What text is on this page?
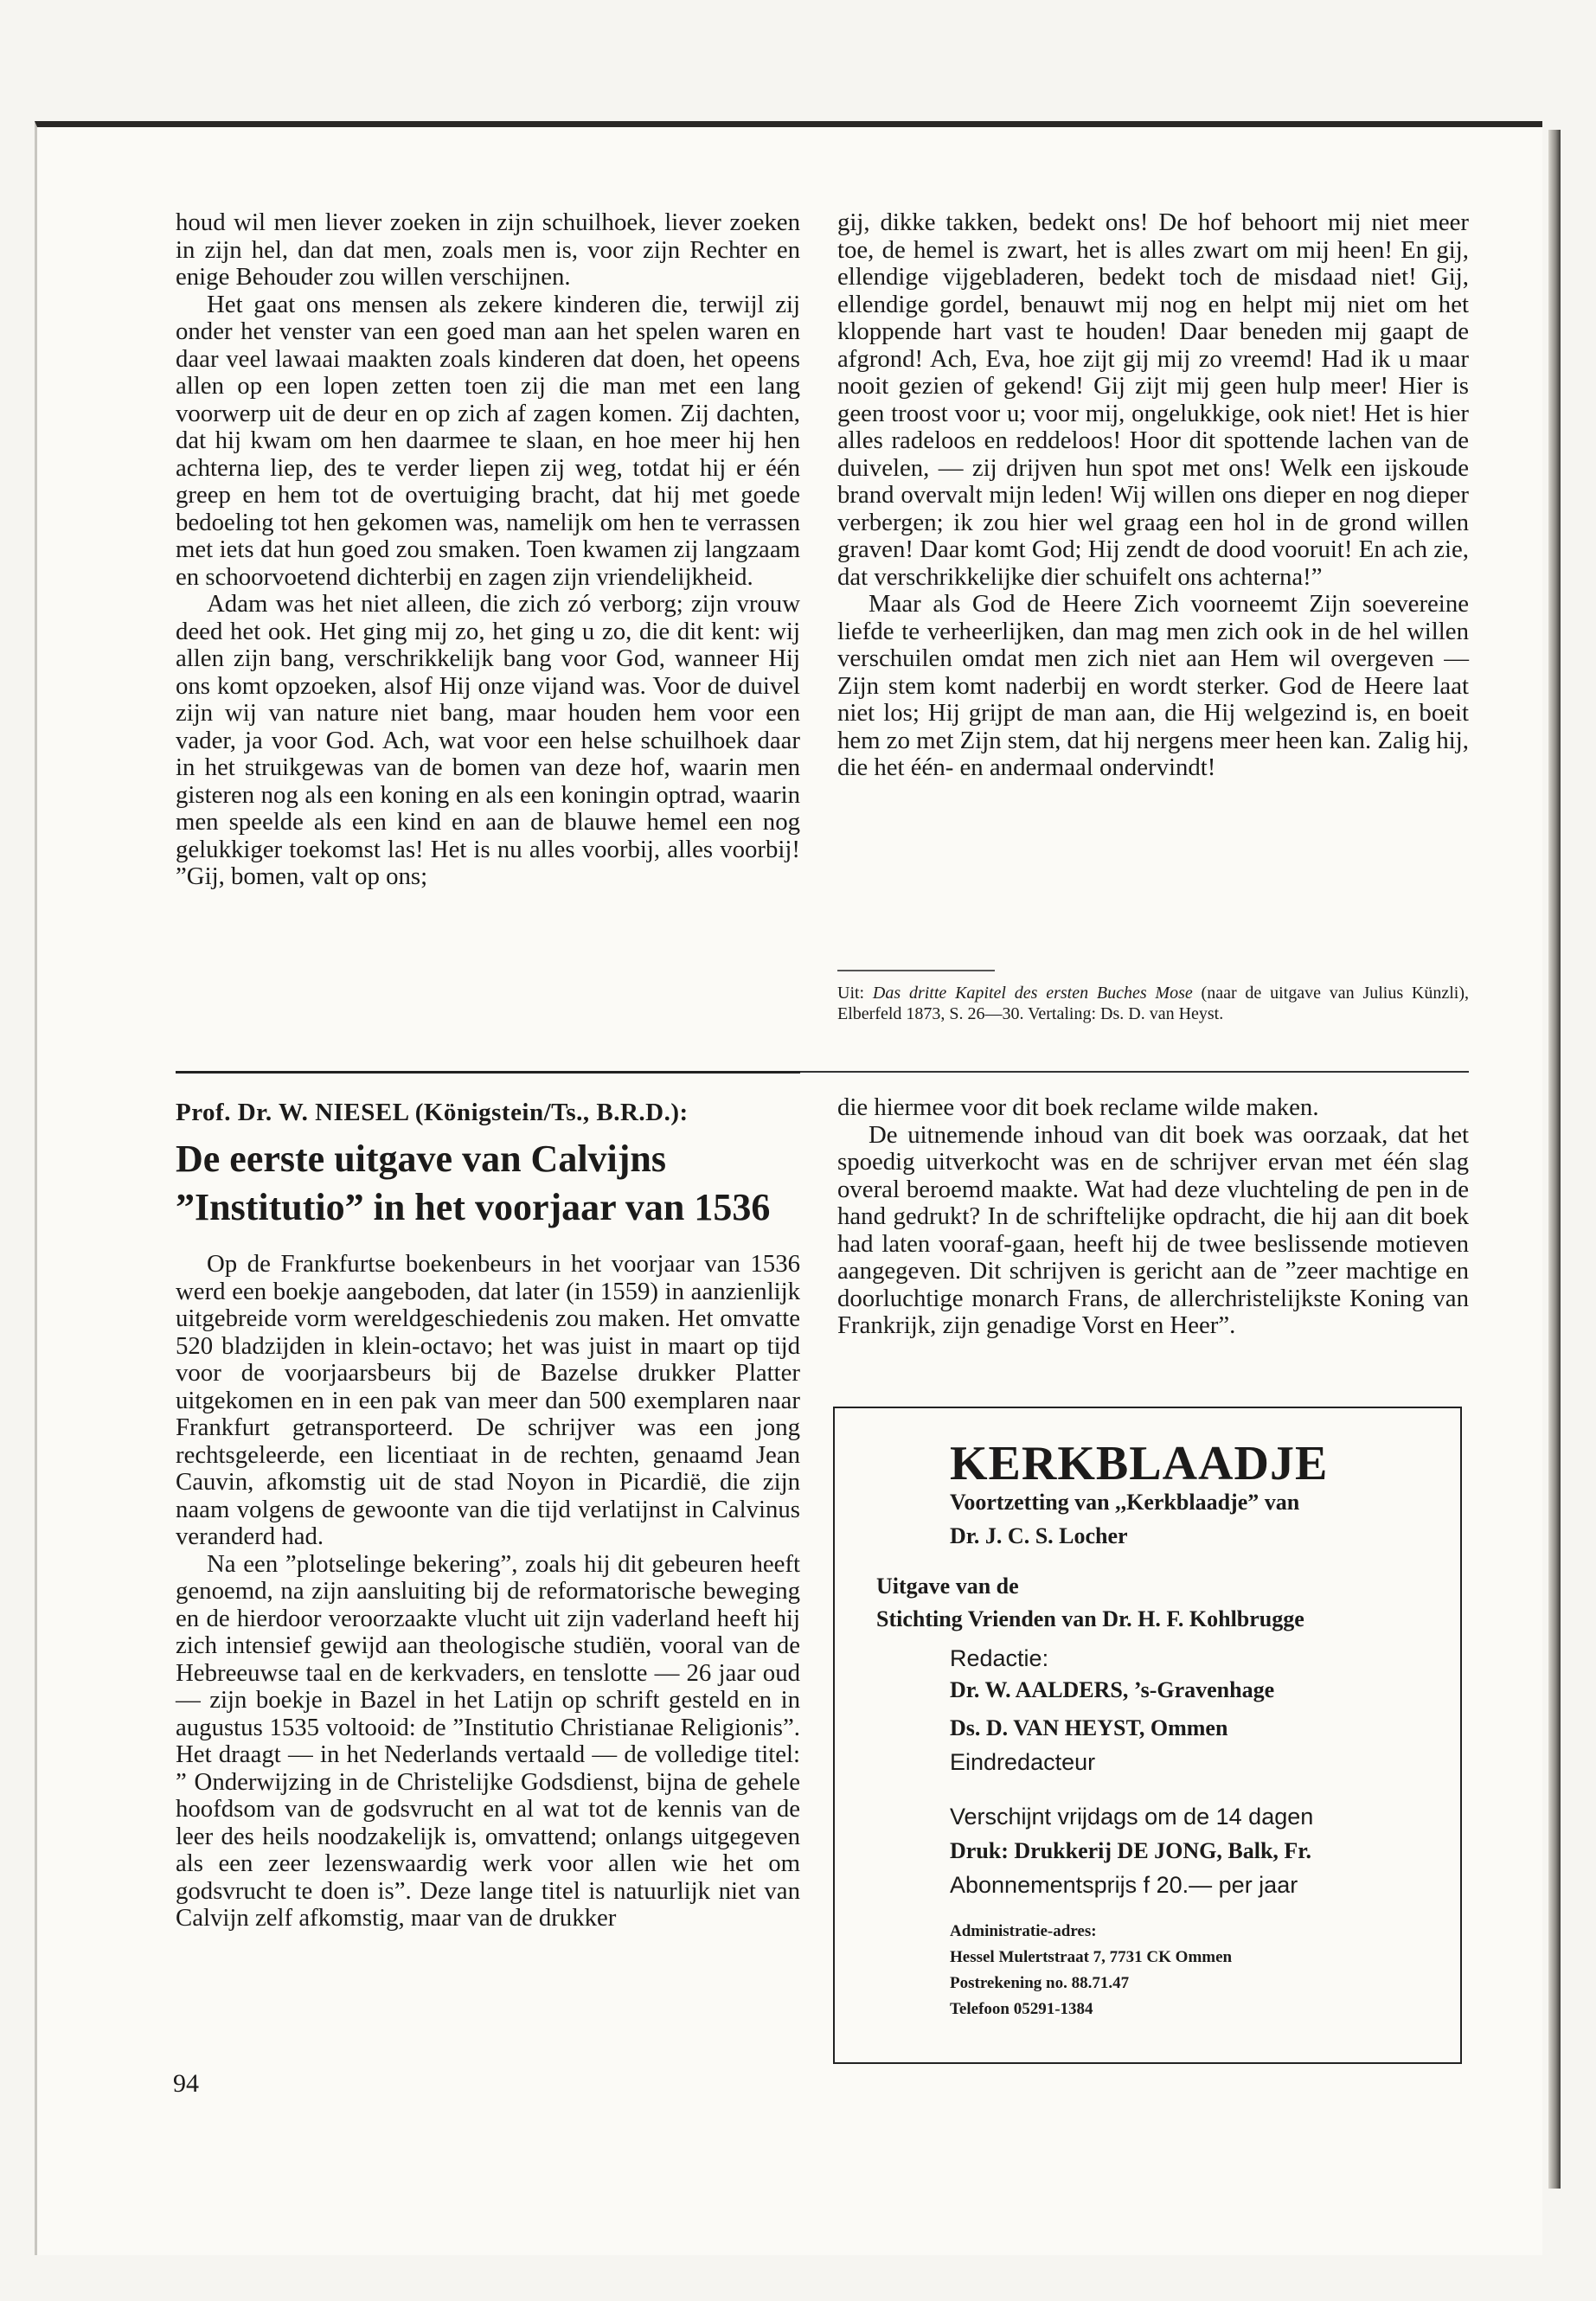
houd wil men liever zoeken in zijn schuilhoek, liever zoeken in zijn hel, dan dat men, zoals men is, voor zijn Rechter en enige Behouder zou willen verschijnen.

Het gaat ons mensen als zekere kinderen die, terwijl zij onder het venster van een goed man aan het spelen waren en daar veel lawaai maakten zoals kinderen dat doen, het opeens allen op een lopen zetten toen zij die man met een lang voorwerp uit de deur en op zich af zagen komen. Zij dachten, dat hij kwam om hen daarmee te slaan, en hoe meer hij hen achterna liep, des te verder liepen zij weg, totdat hij er één greep en hem tot de overtuiging bracht, dat hij met goede bedoeling tot hen gekomen was, namelijk om hen te verrassen met iets dat hun goed zou smaken. Toen kwamen zij langzaam en schoorvoetend dichterbij en zagen zijn vriendelijkheid.

Adam was het niet alleen, die zich zó verborg; zijn vrouw deed het ook. Het ging mij zo, het ging u zo, die dit kent: wij allen zijn bang, verschrikkelijk bang voor God, wanneer Hij ons komt opzoeken, alsof Hij onze vijand was. Voor de duivel zijn wij van nature niet bang, maar houden hem voor een vader, ja voor God. Ach, wat voor een helse schuilhoek daar in het struikgewas van de bomen van deze hof, waarin men gisteren nog als een koning en als een koningin optrad, waarin men speelde als een kind en aan de blauwe hemel een nog gelukkiger toekomst las! Het is nu alles voorbij, alles voorbij! ”Gij, bomen, valt op ons;

gij, dikke takken, bedekt ons! De hof behoort mij niet meer toe, de hemel is zwart, het is alles zwart om mij heen! En gij, ellendige vijgebladeren, bedekt toch de misdaad niet! Gij, ellendige gordel, benauwt mij nog en helpt mij niet om het kloppende hart vast te houden! Daar beneden mij gaapt de afgrond! Ach, Eva, hoe zijt gij mij zo vreemd! Had ik u maar nooit gezien of gekend! Gij zijt mij geen hulp meer! Hier is geen troost voor u; voor mij, ongelukkige, ook niet! Het is hier alles radeloos en reddeloos! Hoor dit spottende lachen van de duivelen, — zij drijven hun spot met ons! Welk een ijskoude brand overvalt mijn leden! Wij willen ons dieper en nog dieper verbergen; ik zou hier wel graag een hol in de grond willen graven! Daar komt God; Hij zendt de dood vooruit! En ach zie, dat verschrikkelijke dier schuifelt ons achterna!”

Maar als God de Heere Zich voorneemt Zijn soevereine liefde te verheerlijken, dan mag men zich ook in de hel willen verschuilen omdat men zich niet aan Hem wil overgeven — Zijn stem komt naderbij en wordt sterker. God de Heere laat niet los; Hij grijpt de man aan, die Hij welgezind is, en boeit hem zo met Zijn stem, dat hij nergens meer heen kan. Zalig hij, die het één- en andermaal ondervindt!

Uit: Das dritte Kapitel des ersten Buches Mose (naar de uitgave van Julius Künzli), Elberfeld 1873, S. 26—30. Vertaling: Ds. D. van Heyst.
Prof. Dr. W. NIESEL (Königstein/Ts., B.R.D.):
De eerste uitgave van Calvijns
”Institutio” in het voorjaar van 1536

Op de Frankfurtse boekenbeurs in het voorjaar van 1536 werd een boekje aangeboden, dat later (in 1559) in aanzienlijk uitgebreide vorm wereldgeschiedenis zou maken. Het omvatte 520 bladzijden in klein-octavo; het was juist in maart op tijd voor de voorjaarsbeurs bij de Bazelse drukker Platter uitgekomen en in een pak van meer dan 500 exemplaren naar Frankfurt getransporteerd. De schrijver was een jong rechtsgeleerde, een licentiaat in de rechten, genaamd Jean Cauvin, afkomstig uit de stad Noyon in Picardië, die zijn naam volgens de gewoonte van die tijd verlatijnst in Calvinus veranderd had.

Na een ”plotselinge bekering”, zoals hij dit gebeuren heeft genoemd, na zijn aansluiting bij de reformatorische beweging en de hierdoor veroorzaakte vlucht uit zijn vaderland heeft hij zich intensief gewijd aan theologische studiën, vooral van de Hebreeuwse taal en de kerkvaders, en tenslotte — 26 jaar oud — zijn boekje in Bazel in het Latijn op schrift gesteld en in augustus 1535 voltooid: de ”Institutio Christianae Religionis”. Het draagt — in het Nederlands vertaald — de volledige titel: ” Onderwijzing in de Christelijke Godsdienst, bijna de gehele hoofdsom van de godsvrucht en al wat tot de kennis van de leer des heils noodzakelijk is, omvattend; onlangs uitgegeven als een zeer lezenswaardig werk voor allen wie het om godsvrucht te doen is”. Deze lange titel is natuurlijk niet van Calvijn zelf afkomstig, maar van de drukker

94

die hiermee voor dit boek reclame wilde maken.

De uitnemende inhoud van dit boek was oorzaak, dat het spoedig uitverkocht was en de schrijver ervan met één slag overal beroemd maakte. Wat had deze vluchteling de pen in de hand gedrukt? In de schriftelijke opdracht, die hij aan dit boek had laten vooraf-gaan, heeft hij de twee beslissende motieven aangegeven. Dit schrijven is gericht aan de ”zeer machtige en doorluchtige monarch Frans, de allerchristelijkste Koning van Frankrijk, zijn genadige Vorst en Heer”.

KERKBLAADJE
Voortzetting van ,,Kerkblaadje” van
Dr. J. C. S. Locher
Uitgave van de
Stichting Vrienden van Dr. H. F. Kohlbrugge
Redactie:
Dr. W. AALDERS, ’s-Gravenhage
Ds. D. VAN HEYST, Ommen
Eindredacteur
Verschijnt vrijdags om de 14 dagen
Druk: Drukkerij DE JONG, Balk, Fr.
Abonnementsprijs f 20.— per jaar
Administratie-adres:
Hessel Mulertstraat 7, 7731 CK Ommen
Postrekening no. 88.71.47
Telefoon 05291-1384
